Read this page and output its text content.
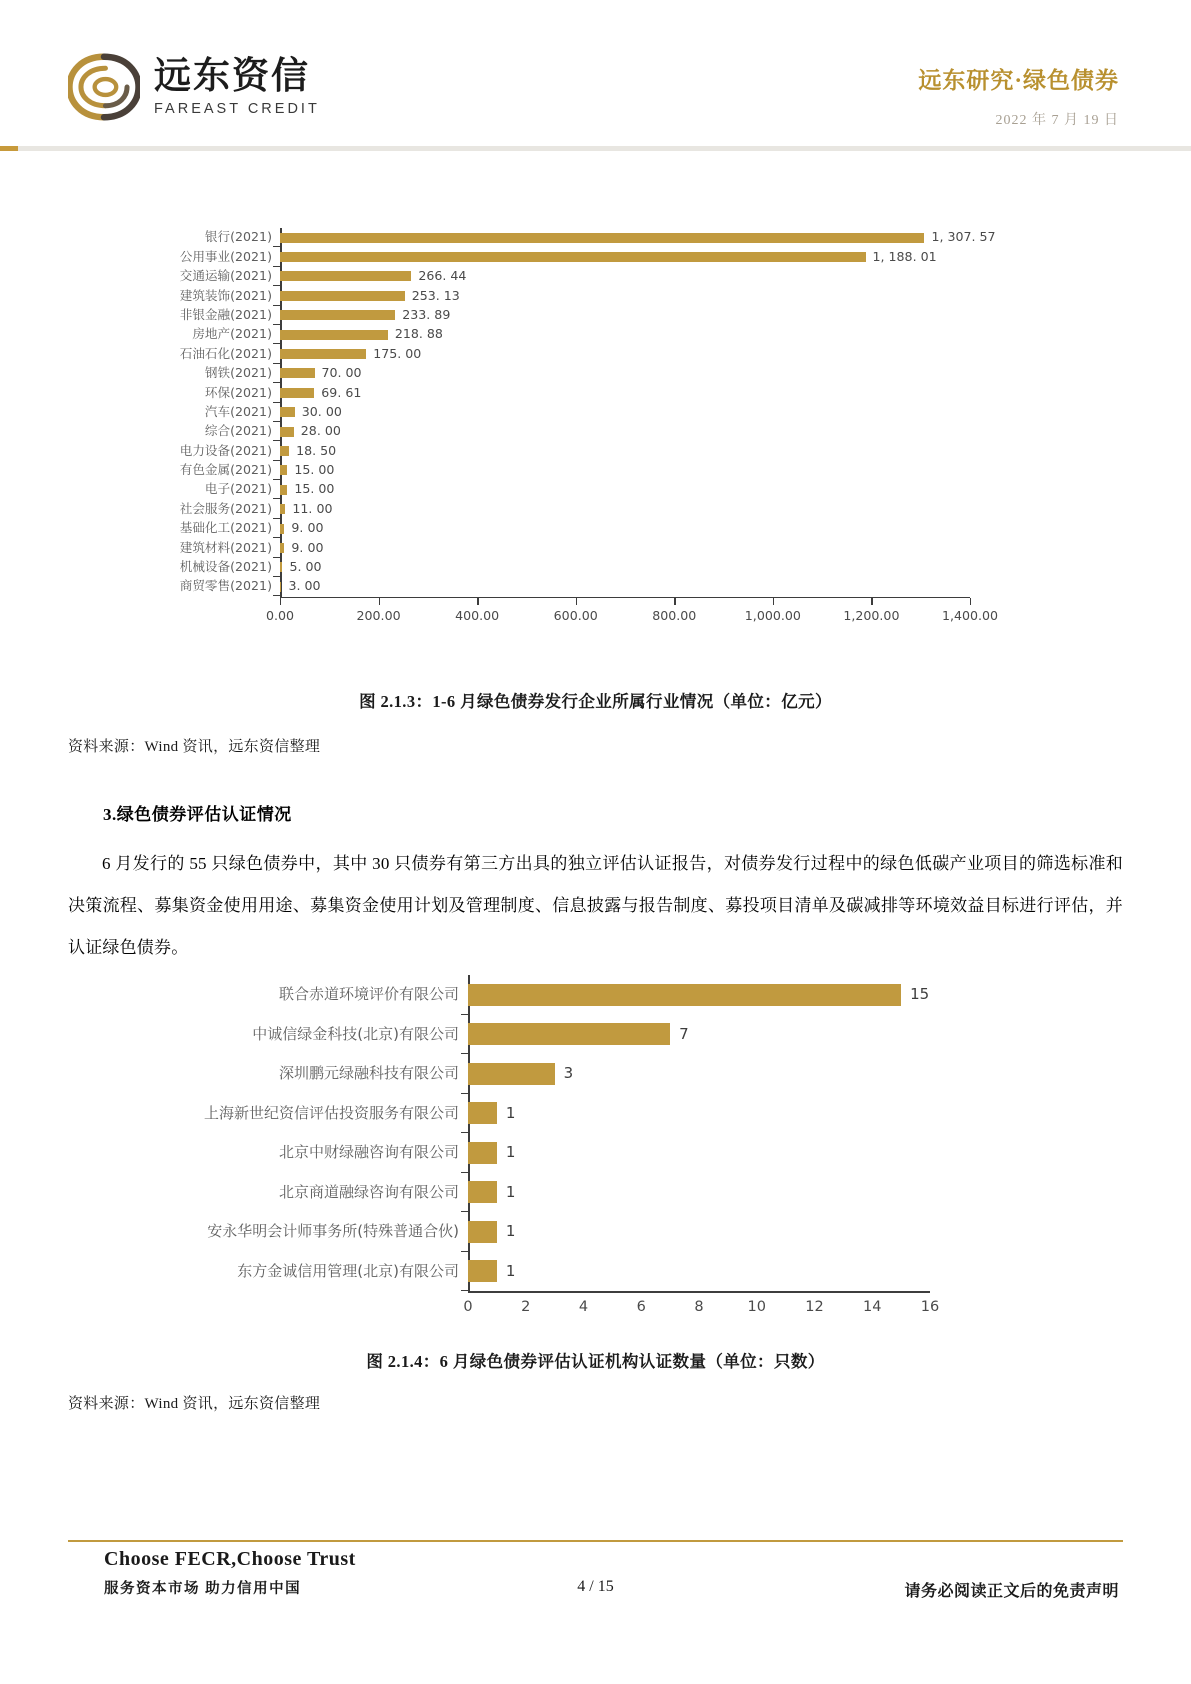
远东资信
FAREAST CREDIT
远东研究·绿色债券
2022 年 7 月 19 日
银行(2021)	1, 307. 57
公用事业(2021)	1, 188. 01
交通运输(2021)	266. 44
建筑装饰(2021)	253. 13
非银金融(2021)	233. 89
房地产(2021)	218. 88
石油石化(2021)	175. 00
钢铁(2021)	70. 00
环保(2021)	69. 61
汽车(2021)	30. 00
综合(2021)	28. 00
电力设备(2021)	18. 50
有色金属(2021)	15. 00
电子(2021)	15. 00
社会服务(2021)	11. 00
基础化工(2021)	9. 00
建筑材料(2021)	9. 00
机械设备(2021)	5. 00
商贸零售(2021)	3. 00
0.00	200.00	400.00	600.00	800.00	1,000.00	1,200.00	1,400.00
图 2.1.3：1-6 月绿色债券发行企业所属行业情况（单位：亿元）
资料来源：Wind 资讯，远东资信整理
3.绿色债券评估认证情况
6 月发行的 55 只绿色债券中，其中 30 只债券有第三方出具的独立评估认证报告，对债券发行过程中的绿色低碳产业项目的筛选标准和决策流程、募集资金使用用途、募集资金使用计划及管理制度、信息披露与报告制度、募投项目清单及碳减排等环境效益目标进行评估，并认证绿色债券。
联合赤道环境评价有限公司	15
中诚信绿金科技(北京)有限公司	7
深圳鹏元绿融科技有限公司	3
上海新世纪资信评估投资服务有限公司	1
北京中财绿融咨询有限公司	1
北京商道融绿咨询有限公司	1
安永华明会计师事务所(特殊普通合伙)	1
东方金诚信用管理(北京)有限公司	1
0	2	4	6	8	10	12	14	16
图 2.1.4：6 月绿色债券评估认证机构认证数量（单位：只数）
资料来源：Wind 资讯，远东资信整理
Choose FECR,Choose Trust
服务资本市场 助力信用中国	4 / 15	请务必阅读正文后的免责声明
